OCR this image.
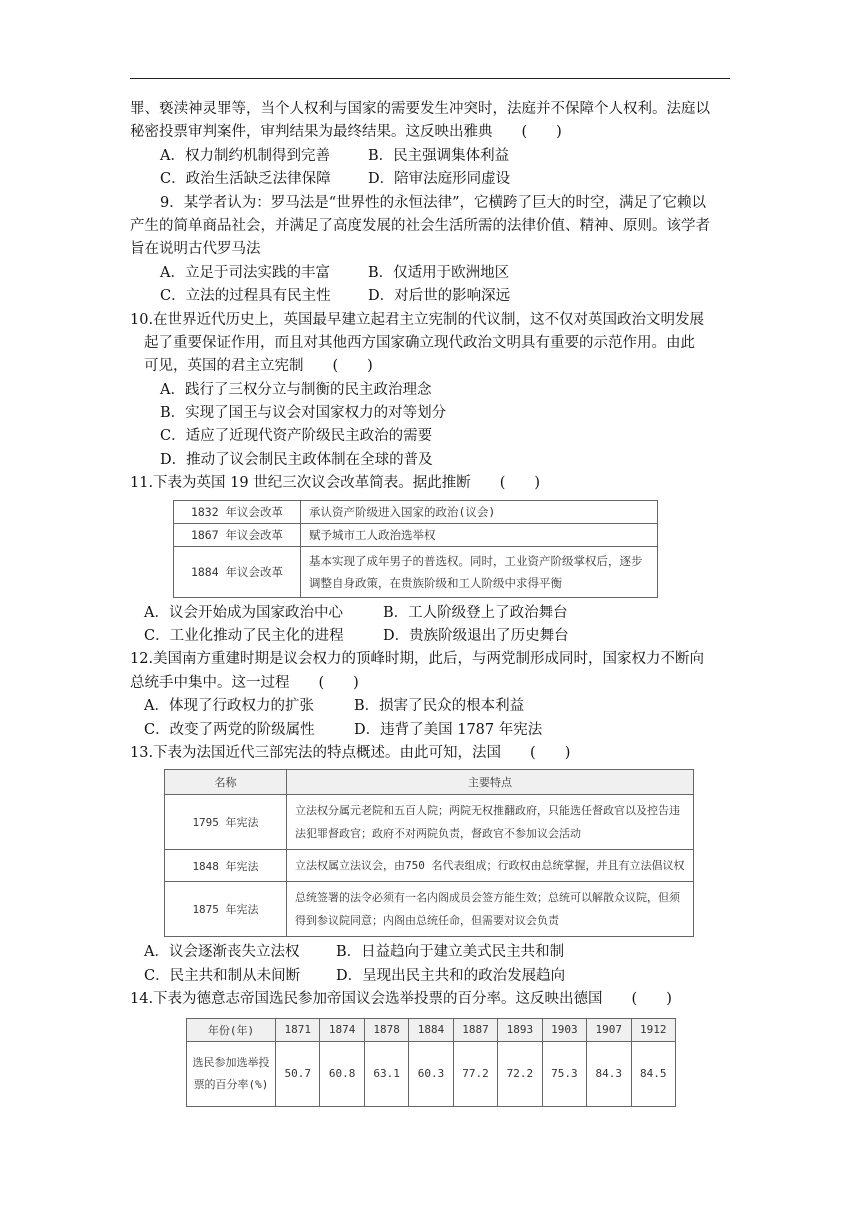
罪、亵渎神灵罪等，当个人权利与国家的需要发生冲突时，法庭并不保障个人权利。法庭以
秘密投票审判案件，审判结果为最终结果。这反映出雅典　　(　　)
A．权力制约机制得到完善	B．民主强调集体利益
C．政治生活缺乏法律保障	D．陪审法庭形同虚设
9．某学者认为：罗马法是“世界性的永恒法律”，它横跨了巨大的时空，满足了它赖以
产生的简单商品社会，并满足了高度发展的社会生活所需的法律价值、精神、原则。该学者
旨在说明古代罗马法
A．立足于司法实践的丰富	B．仅适用于欧洲地区
C．立法的过程具有民主性	D．对后世的影响深远
10.在世界近代历史上，英国最早建立起君主立宪制的代议制，这不仅对英国政治文明发展
起了重要保证作用，而且对其他西方国家确立现代政治文明具有重要的示范作用。由此
可见，英国的君主立宪制　　(　　)
A．践行了三权分立与制衡的民主政治理念
B．实现了国王与议会对国家权力的对等划分
C．适应了近现代资产阶级民主政治的需要
D．推动了议会制民主政体制在全球的普及
11.下表为英国 19 世纪三次议会改革简表。据此推断　　(　　)
1832 年议会改革	承认资产阶级进入国家的政治(议会)
1867 年议会改革	赋予城市工人政治选举权
1884 年议会改革	基本实现了成年男子的普选权。同时，工业资产阶级掌权后，逐步调整自身政策，在贵族阶级和工人阶级中求得平衡
A．议会开始成为国家政治中心	B．工人阶级登上了政治舞台
C．工业化推动了民主化的进程	D．贵族阶级退出了历史舞台
12.美国南方重建时期是议会权力的顶峰时期，此后，与两党制形成同时，国家权力不断向
总统手中集中。这一过程　　(　　)
A．体现了行政权力的扩张	B．损害了民众的根本利益
C．改变了两党的阶级属性	D．违背了美国 1787 年宪法
13.下表为法国近代三部宪法的特点概述。由此可知，法国　　(　　)
名称	主要特点
1795 年宪法	立法权分属元老院和五百人院；两院无权推翻政府，只能选任督政官以及控告违法犯罪督政官；政府不对两院负责，督政官不参加议会活动
1848 年宪法	立法权属立法议会，由750 名代表组成；行政权由总统掌握，并且有立法倡议权
1875 年宪法	总统签署的法令必须有一名内阁成员会签方能生效；总统可以解散众议院，但须得到参议院同意；内阁由总统任命，但需要对议会负责
A．议会逐渐丧失立法权	B．日益趋向于建立美式民主共和制
C．民主共和制从未间断 D．呈现出民主共和的政治发展趋向
14.下表为德意志帝国选民参加帝国议会选举投票的百分率。这反映出德国　　(　　)
年份(年)	1871	1874	1878	1884	1887	1893	1903	1907	1912
选民参加选举投票的百分率(%)	50.7	60.8	63.1	60.3	77.2	72.2	75.3	84.3	84.5
